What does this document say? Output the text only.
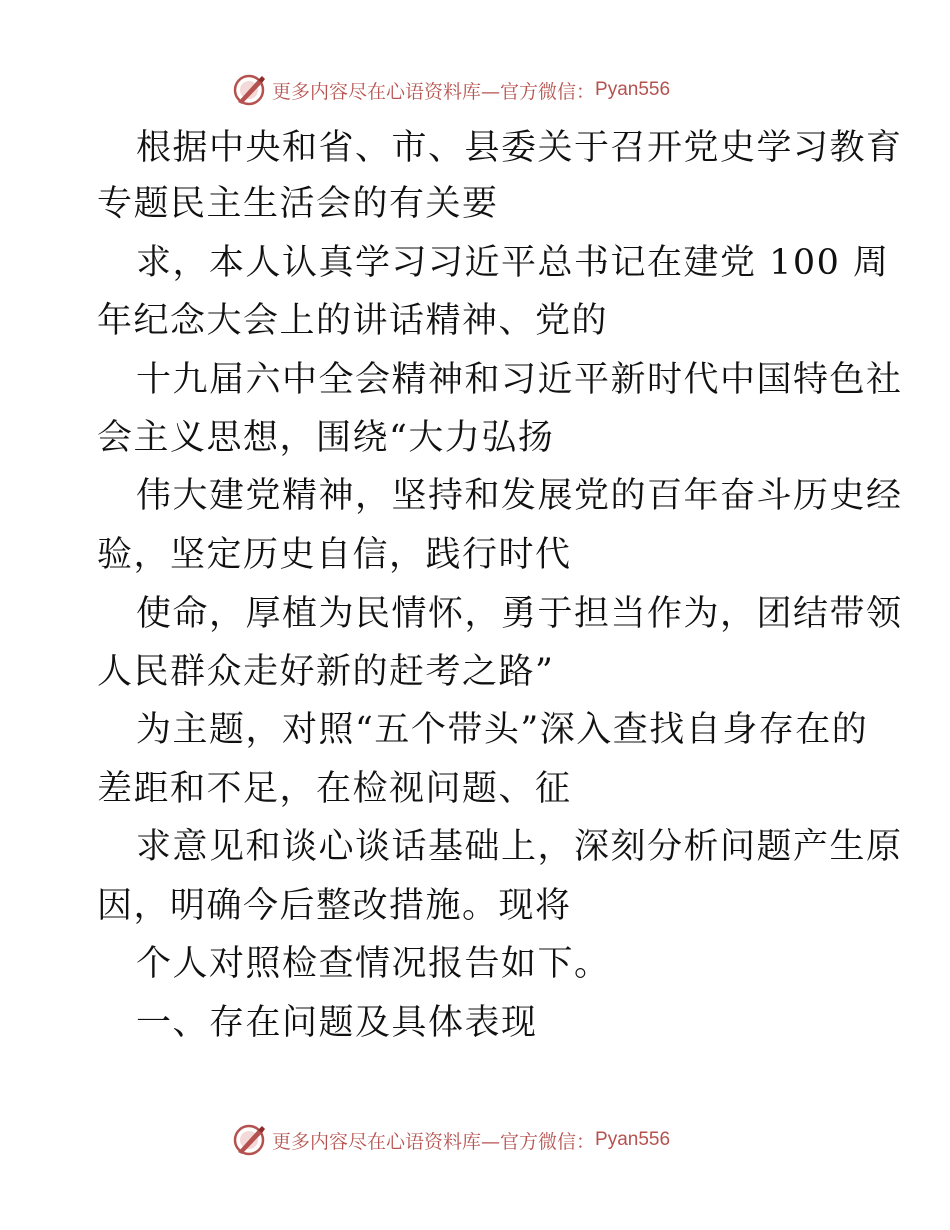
更多内容尽在心语资料库—官方微信： Pyan556
根据中央和省、市、县委关于召开党史学习教育
专题民主生活会的有关要
求，本人认真学习习近平总书记在建党 100 周
年纪念大会上的讲话精神、党的
十九届六中全会精神和习近平新时代中国特色社
会主义思想，围绕“大力弘扬
伟大建党精神，坚持和发展党的百年奋斗历史经
验，坚定历史自信，践行时代
使命，厚植为民情怀，勇于担当作为，团结带领
人民群众走好新的赶考之路”
为主题，对照“五个带头”深入查找自身存在的
差距和不足，在检视问题、征
求意见和谈心谈话基础上，深刻分析问题产生原
因，明确今后整改措施。现将
个人对照检查情况报告如下。
一、存在问题及具体表现
更多内容尽在心语资料库—官方微信： Pyan556
